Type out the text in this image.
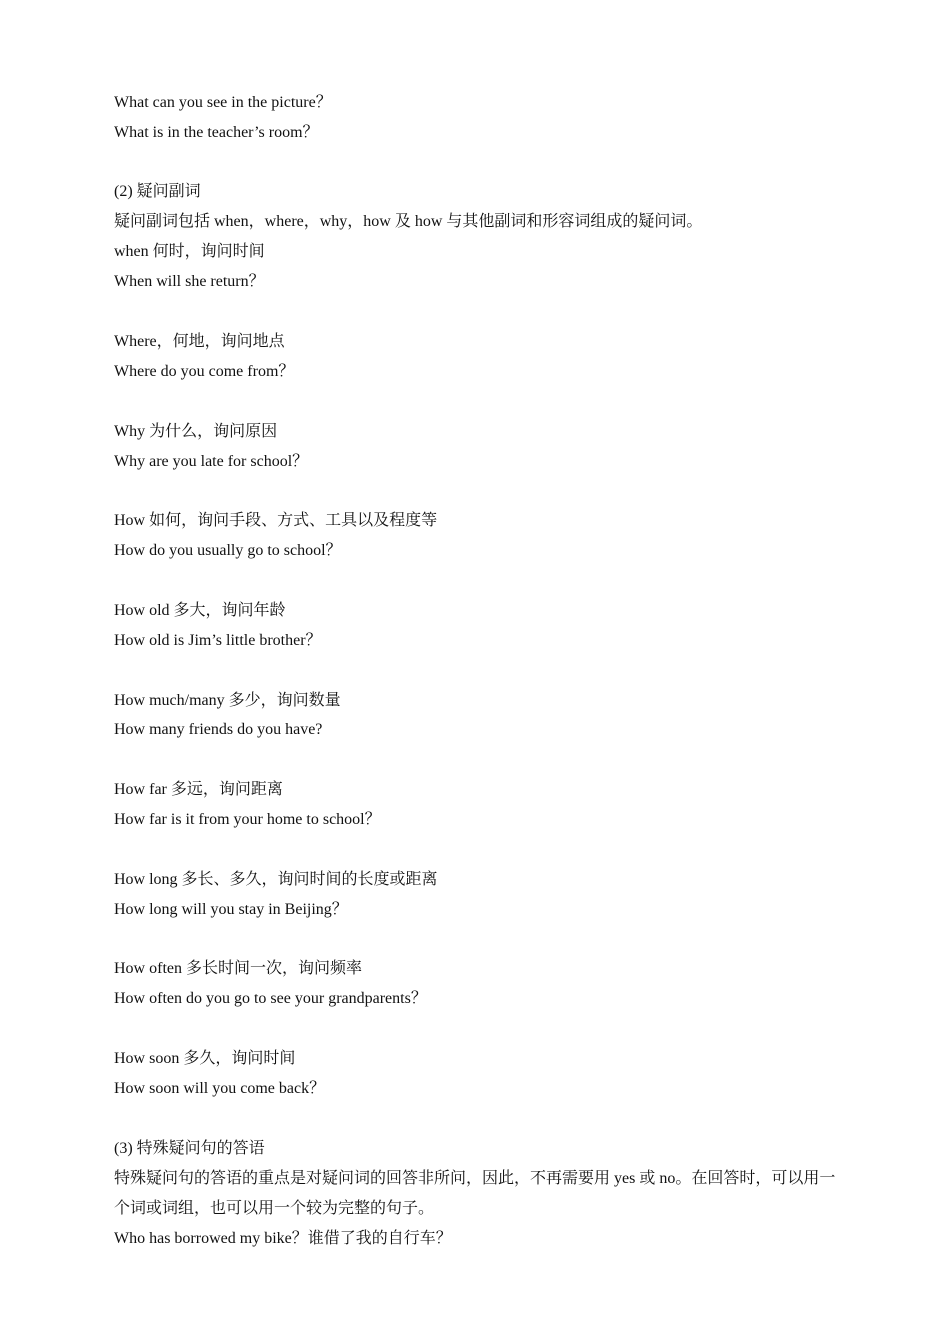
What can you see in the picture？
What is in the teacher’s room？
(2) 疑问副词
疑问副词包括 when，where，why，how 及 how 与其他副词和形容词组成的疑问词。
when 何时，询问时间
When will she return？
Where，何地，询问地点
Where do you come from？
Why 为什么，询问原因
Why are you late for school？
How 如何，询问手段、方式、工具以及程度等
How do you usually go to school？
How old 多大，询问年龄
How old is Jim’s little brother？
How much/many 多少，询问数量
How many friends do you have?
How far 多远，询问距离
How far is it from your home to school？
How long 多长、多久，询问时间的长度或距离
How long will you stay in Beijing？
How often 多长时间一次，询问频率
How often do you go to see your grandparents？
How soon 多久，询问时间
How soon will you come back？
(3) 特殊疑问句的答语
特殊疑问句的答语的重点是对疑问词的回答非所问，因此，不再需要用 yes 或 no。在回答时，可以用一个词或词组，也可以用一个较为完整的句子。
Who has borrowed my bike？谁借了我的自行车？
